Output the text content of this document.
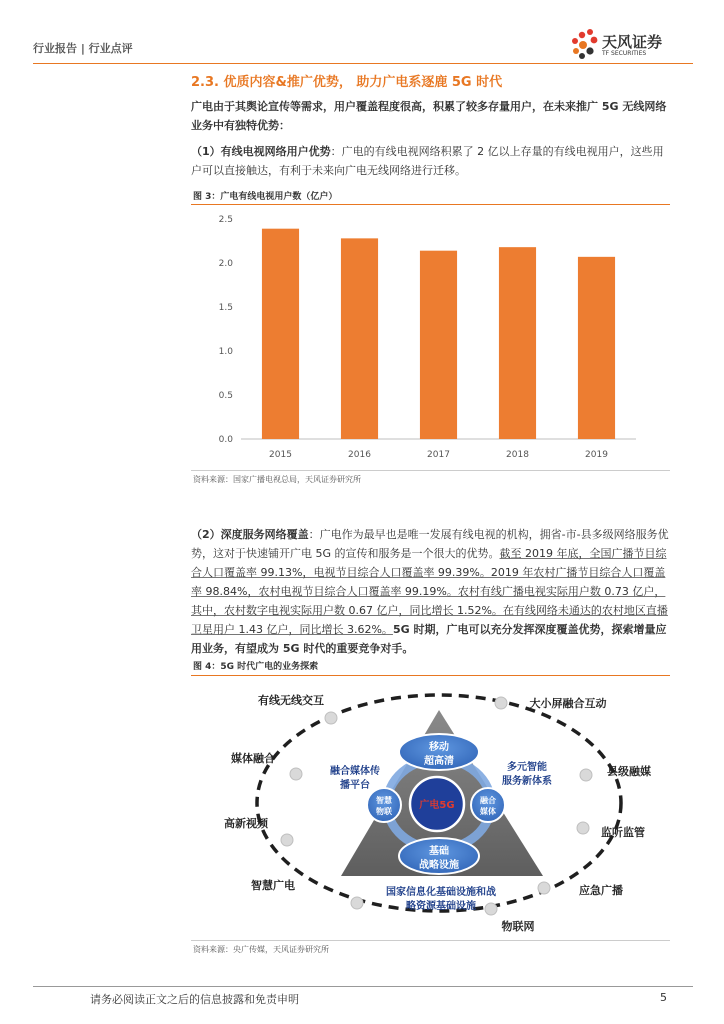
行业报告 | 行业点评	天风证券
TF SECURITIES
2.3. 优质内容&推广优势， 助力广电系逐鹿 5G 时代
广电由于其舆论宣传等需求，用户覆盖程度很高，积累了较多存量用户，在未来推广 5G 无线网络业务中有独特优势：
（1）有线电视网络用户优势：广电的有线电视网络积累了 2 亿以上存量的有线电视用户，这些用户可以直接触达，有利于未来向广电无线网络进行迁移。
图 3：广电有线电视用户数（亿户）
0.0
0.5
1.0
1.5
2.0
2.5
2015	2016	2017	2018	2019
资料来源：国家广播电视总局，天风证券研究所
（2）深度服务网络覆盖：广电作为最早也是唯一发展有线电视的机构，拥省-市-县多级网络服务优势，这对于快速铺开广电 5G 的宣传和服务是一个很大的优势。截至 2019 年底，全国广播节目综合人口覆盖率 99.13%，电视节目综合人口覆盖率 99.39%。2019 年农村广播节目综合人口覆盖率 98.84%，农村电视节目综合人口覆盖率 99.19%。农村有线广播电视实际用户数 0.73 亿户，其中，农村数字电视实际用户数 0.67 亿户，同比增长 1.52%。在有线网络未通达的农村地区直播卫星用户 1.43 亿户，同比增长 3.62%。5G 时期，广电可以充分发挥深度覆盖优势，探索增量应用业务，有望成为 5G 时代的重要竞争对手。
图 4：5G 时代广电的业务探索
移动
超高清
基础
战略设施
智慧
物联
融合
媒体
广电5G
融合媒体传
播平台
多元智能
服务新体系
国家信息化基础设施和战
略资源基础设施
有线无线交互	大小屏融合互动
媒体融合
高新视频
智慧广电
县级融媒
监听监管
应急广播
物联网
资料来源：央广传媒，天风证券研究所
请务必阅读正文之后的信息披露和免责申明	5
